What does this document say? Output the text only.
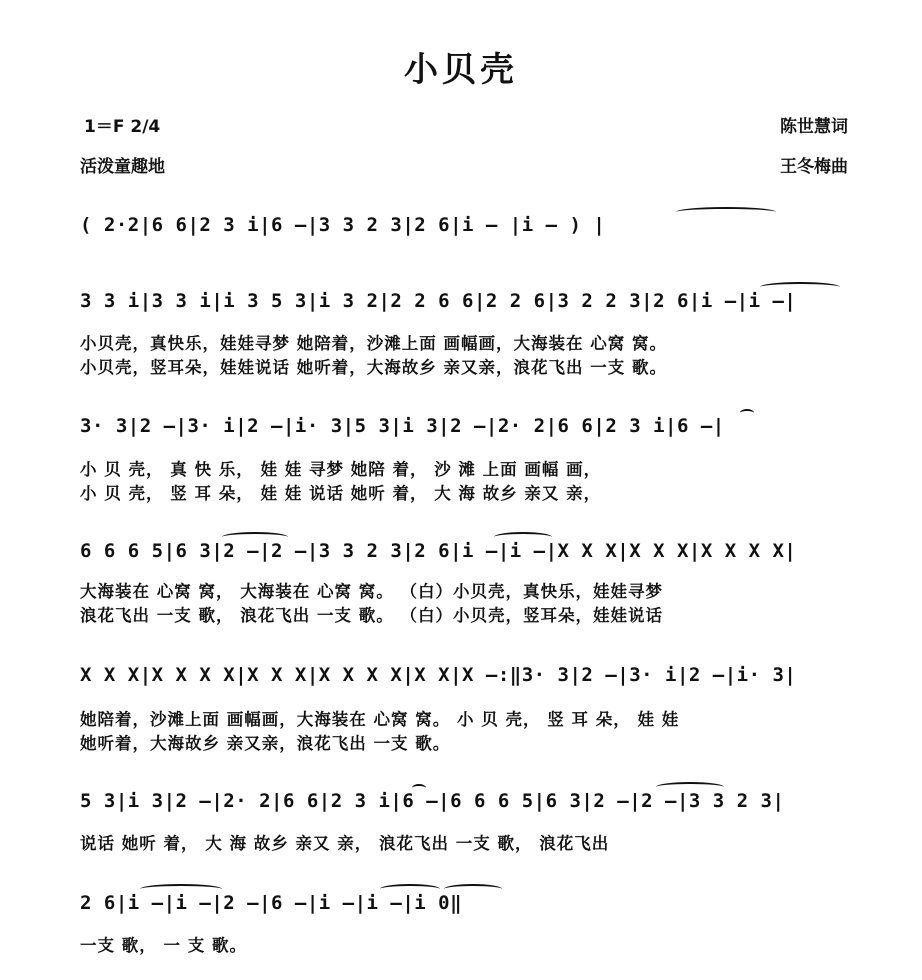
小贝壳
1＝F 2/4
活泼童趣地
陈世慧词
王冬梅曲
( 2·2|6 6|2 3 i|6 –|3 3 2 3|2 6|i – |i – ) |
3 3 i|3 3 i|i 3 5 3|i 3 2|2 2 6 6|2 2 6|3 2 2 3|2 6|i –|i –|
小贝壳，真快乐，娃娃寻梦 她陪着，沙滩上面 画幅画，大海装在 心窝 窝。
小贝壳，竖耳朵，娃娃说话 她听着，大海故乡 亲又亲，浪花飞出 一支 歌。
3· 3|2 –|3· i|2 –|i· 3|5 3|i 3|2 –|2· 2|6 6|2 3 i|6 –|
小 贝 壳， 真 快 乐， 娃 娃 寻梦 她陪 着， 沙 滩 上面 画幅 画，
小 贝 壳， 竖 耳 朵， 娃 娃 说话 她听 着， 大 海 故乡 亲又 亲，
6 6 6 5|6 3|2 –|2 –|3 3 2 3|2 6|i –|i –|X X X|X X X|X X X X|
大海装在 心窝 窝， 大海装在 心窝 窝。 （白）小贝壳，真快乐，娃娃寻梦
浪花飞出 一支 歌， 浪花飞出 一支 歌。 （白）小贝壳，竖耳朵，娃娃说话
X X X|X X X X|X X X|X X X X|X X|X –:‖3· 3|2 –|3· i|2 –|i· 3|
她陪着，沙滩上面 画幅画，大海装在 心窝 窝。 小 贝 壳， 竖 耳 朵， 娃 娃
她听着，大海故乡 亲又亲，浪花飞出 一支 歌。
5 3|i 3|2 –|2· 2|6 6|2 3 i|6 –|6 6 6 5|6 3|2 –|2 –|3 3 2 3|
说话 她听 着， 大 海 故乡 亲又 亲， 浪花飞出 一支 歌， 浪花飞出
2 6|i –|i –|2 –|6 –|i –|i –|i 0‖
一支 歌， 一 支 歌。
